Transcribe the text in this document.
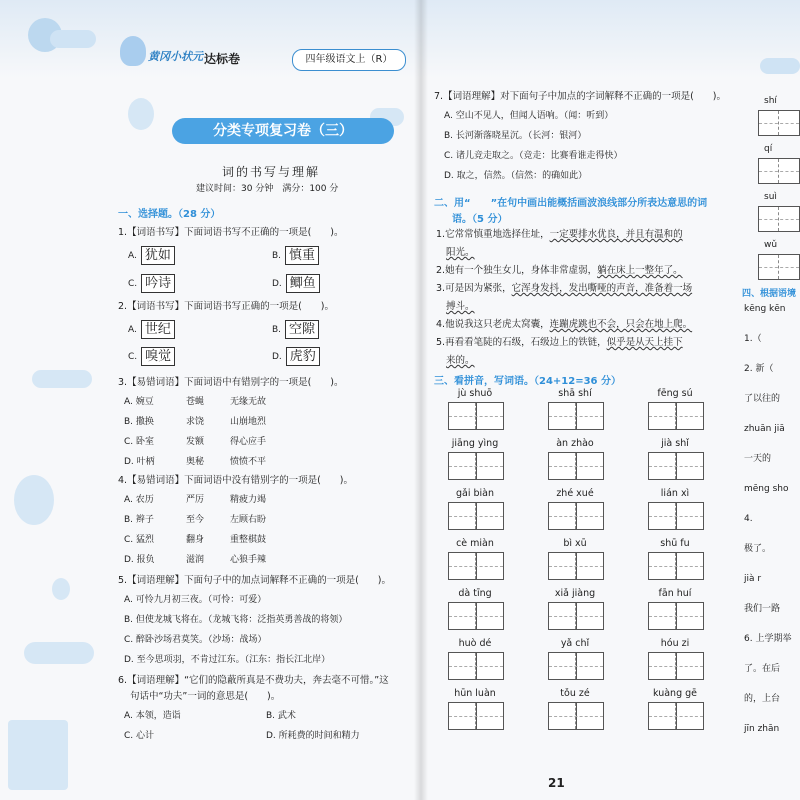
黄冈小状元 达标卷	四年级语文上（R）
分类专项复习卷（三）
词的书写与理解
建议时间：30 分钟　满分：100 分
一、选择题。（28 分）
1.【词语书写】下面词语书写不正确的一项是(　　)。
A. 犹如	B. 慎重
C. 吟诗	D. 鲫鱼
2.【词语书写】下面词语书写正确的一项是(　　)。
A. 世纪	B. 空隙
C. 嗅觉	D. 虎豹
3.【易错词语】下面词语中有错别字的一项是(　　)。
A. 婉豆	苍蝇	无缘无故
B. 撒换	求饶	山崩地烈
C. 卧室	发额	得心应手
D. 叶柄	奥秘	愤愤不平
4.【易错词语】下面词语中没有错别字的一项是(　　)。
A. 农历	严厉	精疲力竭
B. 辫子	至今	左顾右盼
C. 猛烈	翻身	重整棋鼓
D. 报负	滋润	心狼手辣
5.【词语理解】下面句子中的加点词解释不正确的一项是(　　)。
A. 可怜九月初三夜。（可怜：可爱）
B. 但使龙城飞将在。（龙城飞将：泛指英勇善战的将领）
C. 醉卧沙场君莫笑。（沙场：战场）
D. 至今思项羽，不肯过江东。（江东：指长江北岸）
6.【词语理解】“它们的隐蔽所真是不费功夫，奔去毫不可惜。”这
句话中“功夫”一词的意思是(　　)。
A. 本领，造诣	B. 武术
C. 心计	D. 所耗费的时间和精力
7.【词语理解】对下面句子中加点的字词解释不正确的一项是(　　)。
A. 空山不见人，但闻人语响。（闻：听到）
B. 长河渐落晓星沉。（长河：银河）
C. 诸儿竞走取之。（竞走：比赛看谁走得快）
D. 取之，信然。（信然：的确如此）
二、用“　　”在句中画出能概括画波浪线部分所表达意思的词
语。（5 分）
1.它常常慎重地选择住址，一定要排水优良，并且有温和的
阳光。
2.她有一个独生女儿，身体非常虚弱，躺在床上一整年了。
3.可是因为紧张，它浑身发抖，发出嘶哑的声音，准备着一场
搏斗。
4.他说我这只老虎太窝囊，连蹦虎跳也不会，只会在地上爬。
5.再看看笔陡的石级，石级边上的铁链，似乎是从天上挂下
来的。
三、看拼音，写词语。（24+12=36 分）
jù shuō	shā shí	fēng sú
jiāng yìng	àn zhào	jià shǐ
gǎi biàn	zhé xué	lián xì
cè miàn	bì xū	shū fu
dà tīng	xiǎ jiàng	fān huí
huò dé	yǎ chǐ	hóu zi
hūn luàn	tǒu zé	kuàng gē
21
shí
qí
suì
wǔ
四、根据语境
kēng kēn
1.（
2. 新（
了以往的
zhuān jiā
一天的
mēng sho
4.
极了。
jià r
我们一路
6. 上学期举
了。在后
的，上台
jīn zhān
